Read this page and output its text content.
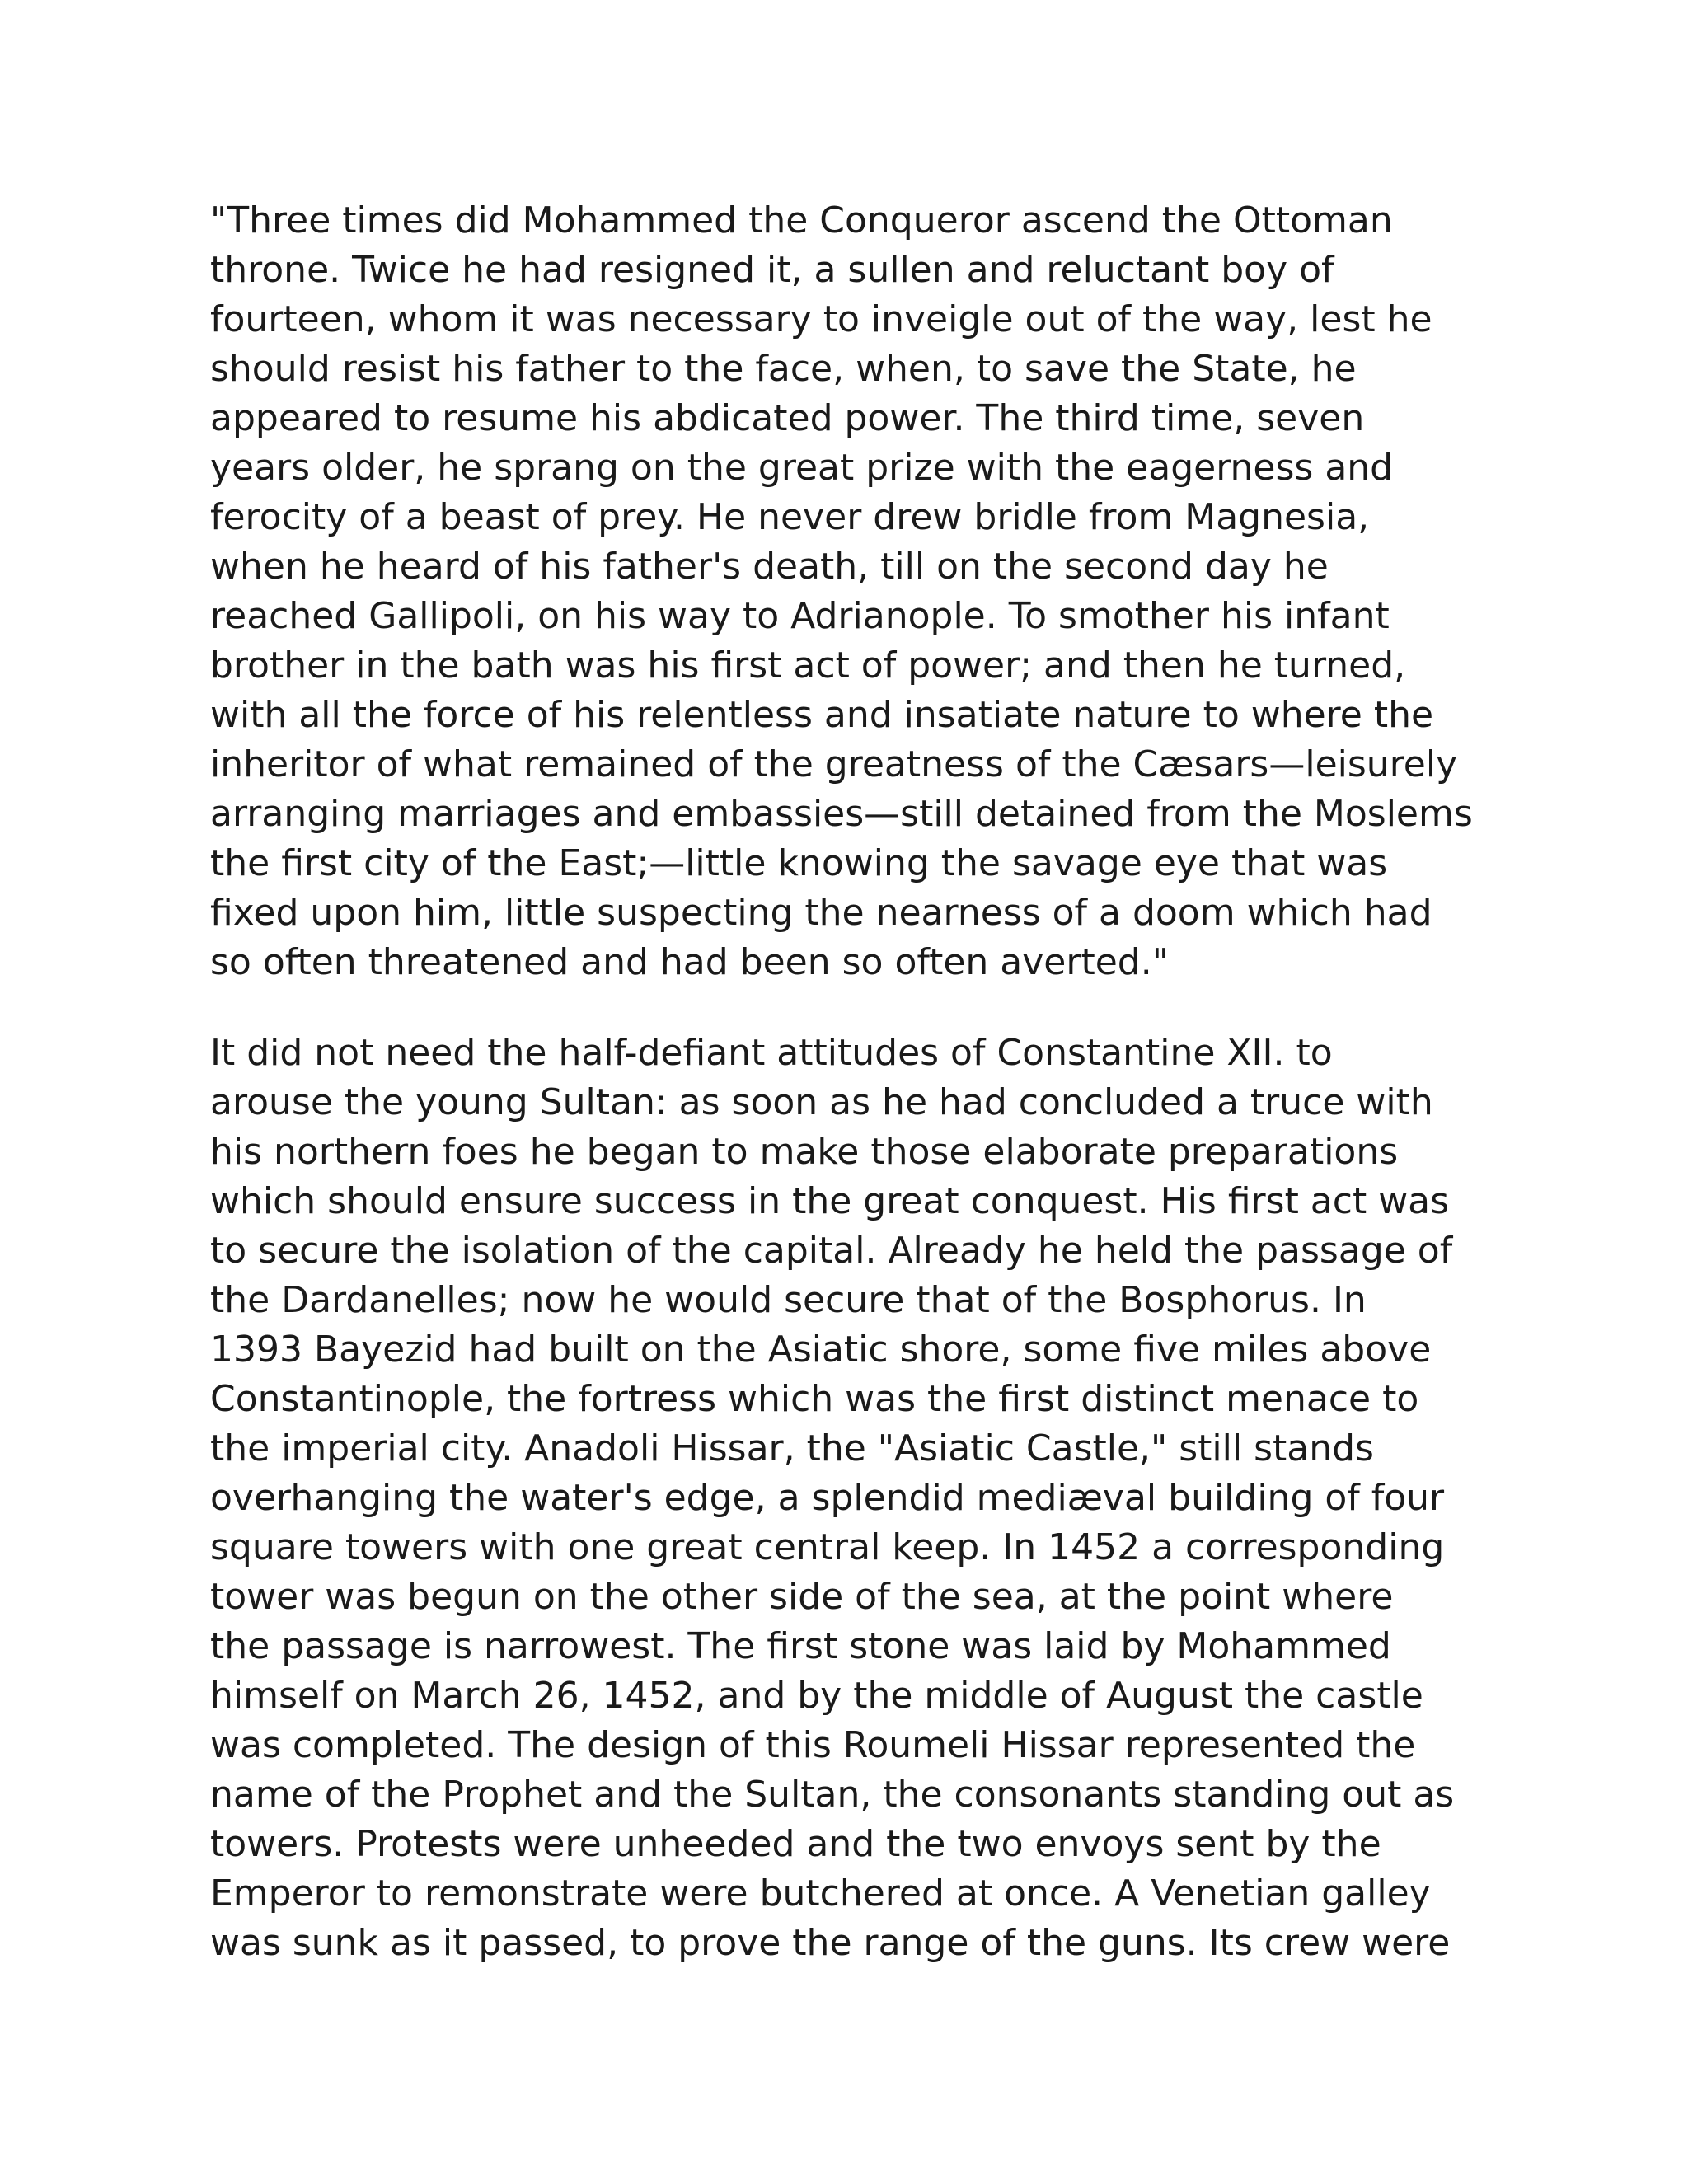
"Three times did Mohammed the Conqueror ascend the Ottoman
throne. Twice he had resigned it, a sullen and reluctant boy of
fourteen, whom it was necessary to inveigle out of the way, lest he
should resist his father to the face, when, to save the State, he
appeared to resume his abdicated power. The third time, seven
years older, he sprang on the great prize with the eagerness and
ferocity of a beast of prey. He never drew bridle from Magnesia,
when he heard of his father's death, till on the second day he
reached Gallipoli, on his way to Adrianople. To smother his infant
brother in the bath was his first act of power; and then he turned,
with all the force of his relentless and insatiate nature to where the
inheritor of what remained of the greatness of the Cæsars—leisurely
arranging marriages and embassies—still detained from the Moslems
the first city of the East;—little knowing the savage eye that was
fixed upon him, little suspecting the nearness of a doom which had
so often threatened and had been so often averted."
It did not need the half-defiant attitudes of Constantine XII. to
arouse the young Sultan: as soon as he had concluded a truce with
his northern foes he began to make those elaborate preparations
which should ensure success in the great conquest. His first act was
to secure the isolation of the capital. Already he held the passage of
the Dardanelles; now he would secure that of the Bosphorus. In
1393 Bayezid had built on the Asiatic shore, some five miles above
Constantinople, the fortress which was the first distinct menace to
the imperial city. Anadoli Hissar, the "Asiatic Castle," still stands
overhanging the water's edge, a splendid mediæval building of four
square towers with one great central keep. In 1452 a corresponding
tower was begun on the other side of the sea, at the point where
the passage is narrowest. The first stone was laid by Mohammed
himself on March 26, 1452, and by the middle of August the castle
was completed. The design of this Roumeli Hissar represented the
name of the Prophet and the Sultan, the consonants standing out as
towers. Protests were unheeded and the two envoys sent by the
Emperor to remonstrate were butchered at once. A Venetian galley
was sunk as it passed, to prove the range of the guns. Its crew were
